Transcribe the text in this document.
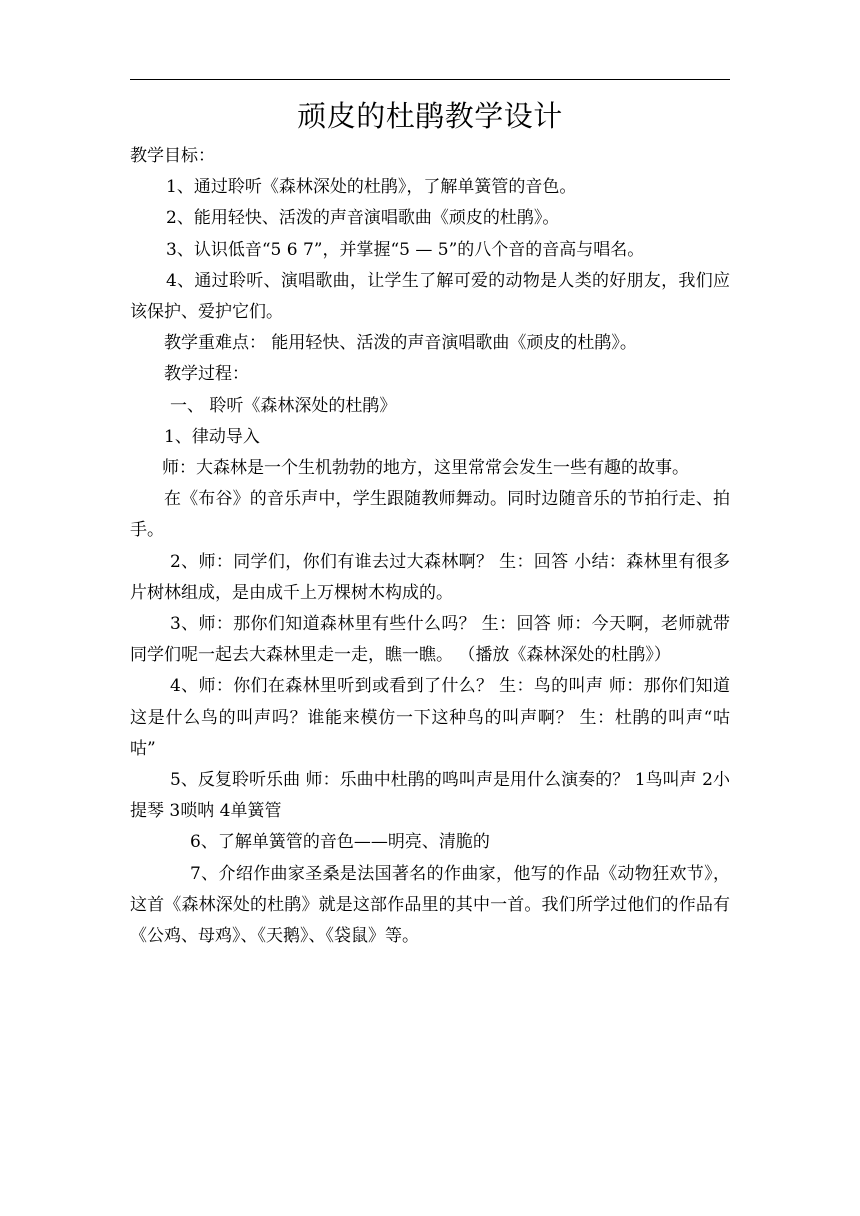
顽皮的杜鹃教学设计

教学目标：

1、通过聆听《森林深处的杜鹃》，了解单簧管的音色。

2、能用轻快、活泼的声音演唱歌曲《顽皮的杜鹃》。

3、认识低音“5 6 7”，并掌握“5 — 5”的八个音的音高与唱名。

4、通过聆听、演唱歌曲，让学生了解可爱的动物是人类的好朋友，我们应该保护、爱护它们。

教学重难点： 能用轻快、活泼的声音演唱歌曲《顽皮的杜鹃》。

教学过程：

一、 聆听《森林深处的杜鹃》

1、律动导入

师：大森林是一个生机勃勃的地方，这里常常会发生一些有趣的故事。

在《布谷》的音乐声中，学生跟随教师舞动。同时边随音乐的节拍行走、拍手。

2、师：同学们，你们有谁去过大森林啊？ 生：回答 小结：森林里有很多片树林组成，是由成千上万棵树木构成的。

3、师：那你们知道森林里有些什么吗？ 生：回答 师：今天啊，老师就带同学们呢一起去大森林里走一走，瞧一瞧。 （播放《森林深处的杜鹃》）

4、师：你们在森林里听到或看到了什么？ 生：鸟的叫声 师：那你们知道这是什么鸟的叫声吗？谁能来模仿一下这种鸟的叫声啊？ 生：杜鹃的叫声“咕咕”

5、反复聆听乐曲 师：乐曲中杜鹃的鸣叫声是用什么演奏的？ 1鸟叫声 2小提琴 3唢呐 4单簧管

6、了解单簧管的音色——明亮、清脆的

7、介绍作曲家圣桑是法国著名的作曲家，他写的作品《动物狂欢节》，这首《森林深处的杜鹃》就是这部作品里的其中一首。我们所学过他们的作品有《公鸡、母鸡》、《天鹅》、《袋鼠》等。
